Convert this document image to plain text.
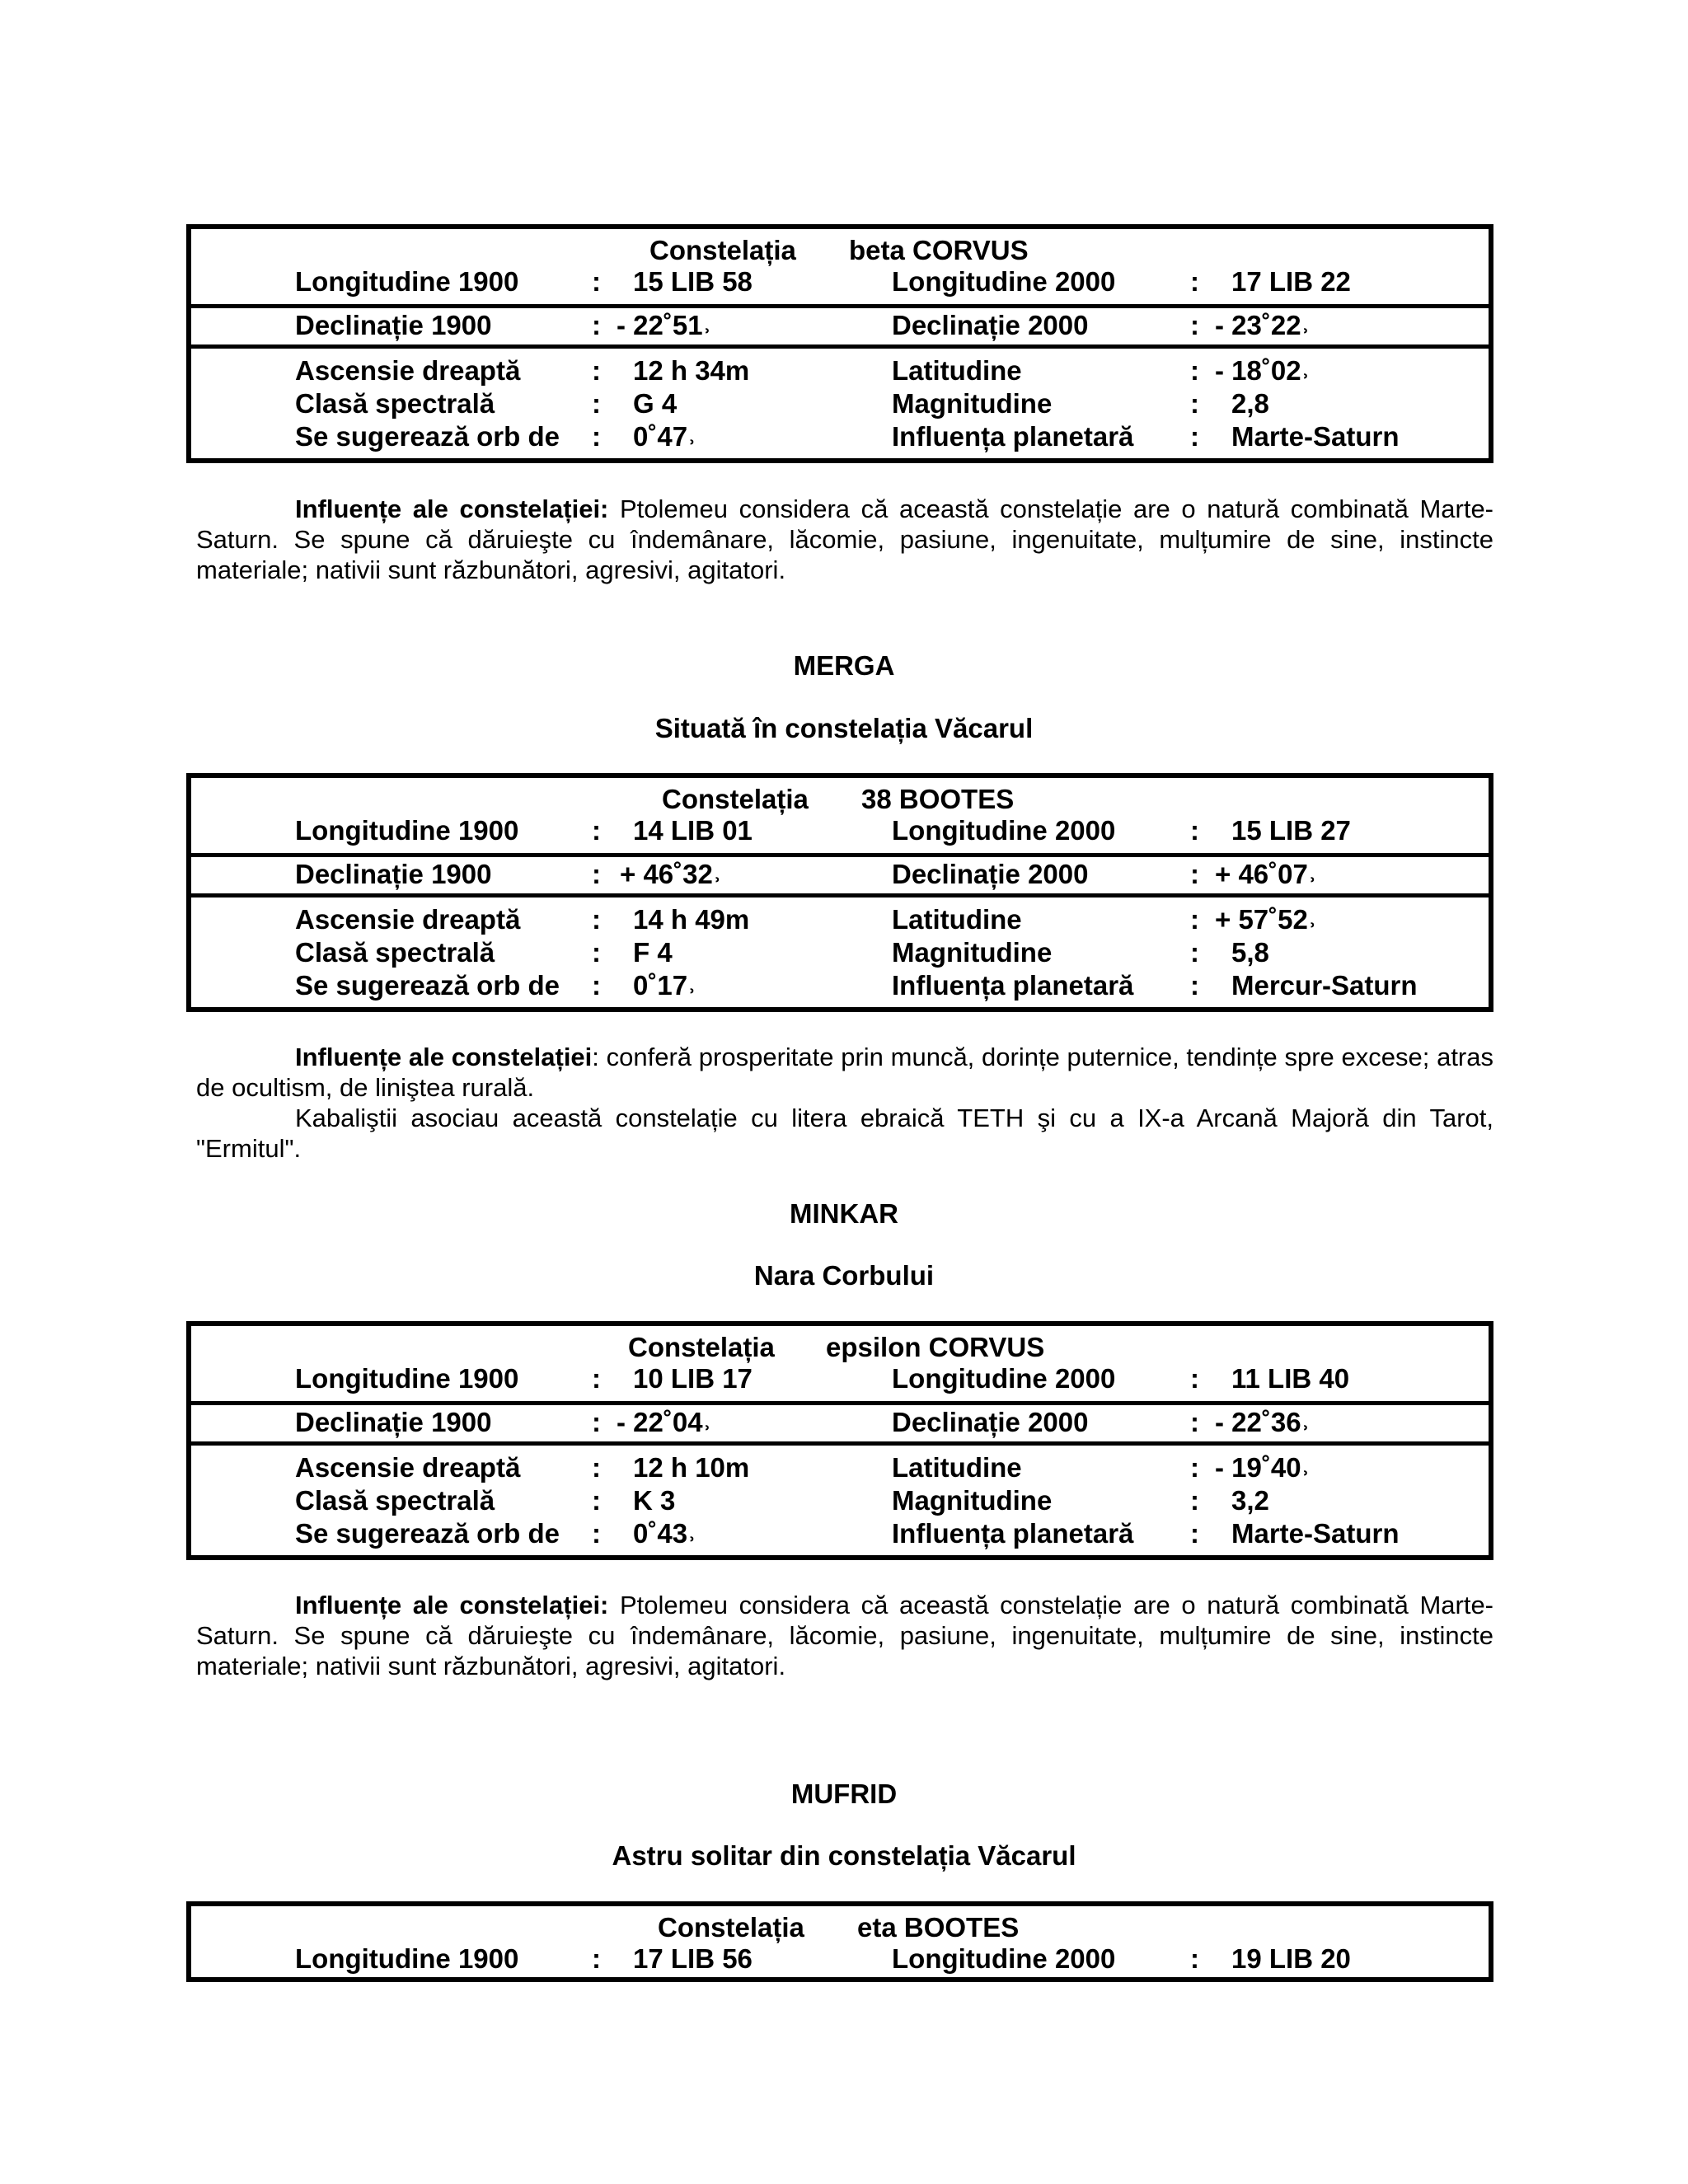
Constelația beta CORVUS
Longitudine 1900	: 15 LIB 58	Longitudine 2000	: 17 LIB 22
Declinație 1900	: - 22˚51˒	Declinație 2000	: - 23˚22˒
Ascensie dreaptă	: 12 h 34m	Latitudine	: - 18˚02˒
Clasă spectrală	: G 4	Magnitudine	: 2,8
Se sugerează orb de : 0˚47˒	Influența planetară : Marte-Saturn
Influențe ale constelației: Ptolemeu considera că această constelație are o natură combinată Marte-Saturn. Se spune că dăruieşte cu îndemânare, lăcomie, pasiune, ingenuitate, mulțumire de sine, instincte materiale; nativii sunt răzbunători, agresivi, agitatori.
MERGA
Situată în constelația Văcarul
Constelația 38 BOOTES
Longitudine 1900	: 14 LIB 01	Longitudine 2000	: 15 LIB 27
Declinație 1900	: + 46˚32˒	Declinație 2000	: + 46˚07˒
Ascensie dreaptă	: 14 h 49m	Latitudine	: + 57˚52˒
Clasă spectrală	: F 4	Magnitudine	: 5,8
Se sugerează orb de : 0˚17˒	Influența planetară : Mercur-Saturn
Influențe ale constelației: conferă prosperitate prin muncă, dorințe puternice, tendințe spre excese; atras de ocultism, de liniştea rurală.
Kabaliştii asociau această constelație cu litera ebraică TETH şi cu a IX-a Arcană Majoră din Tarot, "Ermitul".
MINKAR
Nara Corbului
Constelația epsilon CORVUS
Longitudine 1900	: 10 LIB 17	Longitudine 2000	: 11 LIB 40
Declinație 1900	: - 22˚04˒	Declinație 2000	: - 22˚36˒
Ascensie dreaptă	: 12 h 10m	Latitudine	: - 19˚40˒
Clasă spectrală	: K 3	Magnitudine	: 3,2
Se sugerează orb de : 0˚43˒	Influența planetară : Marte-Saturn
Influențe ale constelației: Ptolemeu considera că această constelație are o natură combinată Marte-Saturn. Se spune că dăruieşte cu îndemânare, lăcomie, pasiune, ingenuitate, mulțumire de sine, instincte materiale; nativii sunt răzbunători, agresivi, agitatori.
MUFRID
Astru solitar din constelația Văcarul
Constelația eta BOOTES
Longitudine 1900	: 17 LIB 56	Longitudine 2000	: 19 LIB 20
